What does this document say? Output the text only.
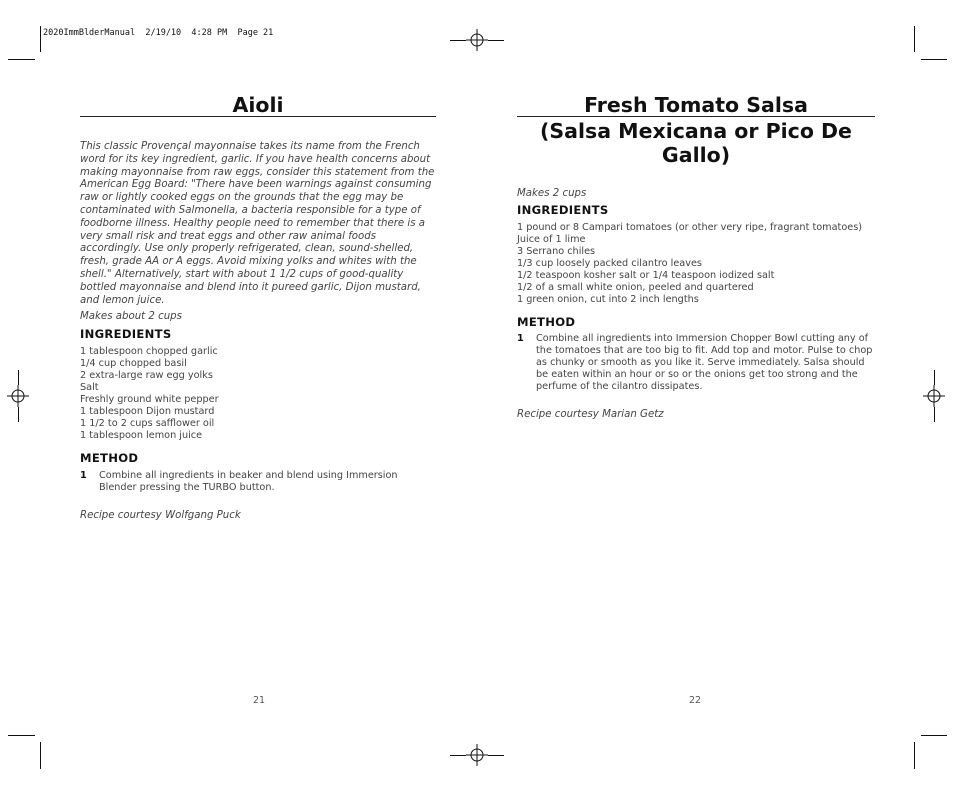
2020ImmBlderManual  2/19/10  4:28 PM  Page 21
Aioli

This classic Provençal mayonnaise takes its name from the French word for its key ingredient, garlic. If you have health concerns about making mayonnaise from raw eggs, consider this statement from the American Egg Board: "There have been warnings against consuming raw or lightly cooked eggs on the grounds that the egg may be contaminated with Salmonella, a bacteria responsible for a type of foodborne illness. Healthy people need to remember that there is a very small risk and treat eggs and other raw animal foods accordingly. Use only properly refrigerated, clean, sound-shelled, fresh, grade AA or A eggs. Avoid mixing yolks and whites with the shell." Alternatively, start with about 1 1/2 cups of good-quality bottled mayonnaise and blend into it pureed garlic, Dijon mustard, and lemon juice.

Makes about 2 cups

INGREDIENTS
1 tablespoon chopped garlic
1/4 cup chopped basil
2 extra-large raw egg yolks
Salt
Freshly ground white pepper
1 tablespoon Dijon mustard
1 1/2 to 2 cups safflower oil
1 tablespoon lemon juice
METHOD
1	Combine all ingredients in beaker and blend using Immersion Blender pressing the TURBO button.

Recipe courtesy Wolfgang Puck

21
Fresh Tomato Salsa
(Salsa Mexicana or Pico De Gallo)

Makes 2 cups

INGREDIENTS
1 pound or 8 Campari tomatoes (or other very ripe, fragrant tomatoes)
Juice of 1 lime
3 Serrano chiles
1/3 cup loosely packed cilantro leaves
1/2 teaspoon kosher salt or 1/4 teaspoon iodized salt
1/2 of a small white onion, peeled and quartered
1 green onion, cut into 2 inch lengths
METHOD
1	Combine all ingredients into Immersion Chopper Bowl cutting any of the tomatoes that are too big to fit. Add top and motor. Pulse to chop as chunky or smooth as you like it. Serve immediately. Salsa should be eaten within an hour or so or the onions get too strong and the perfume of the cilantro dissipates.

Recipe courtesy Marian Getz

22
